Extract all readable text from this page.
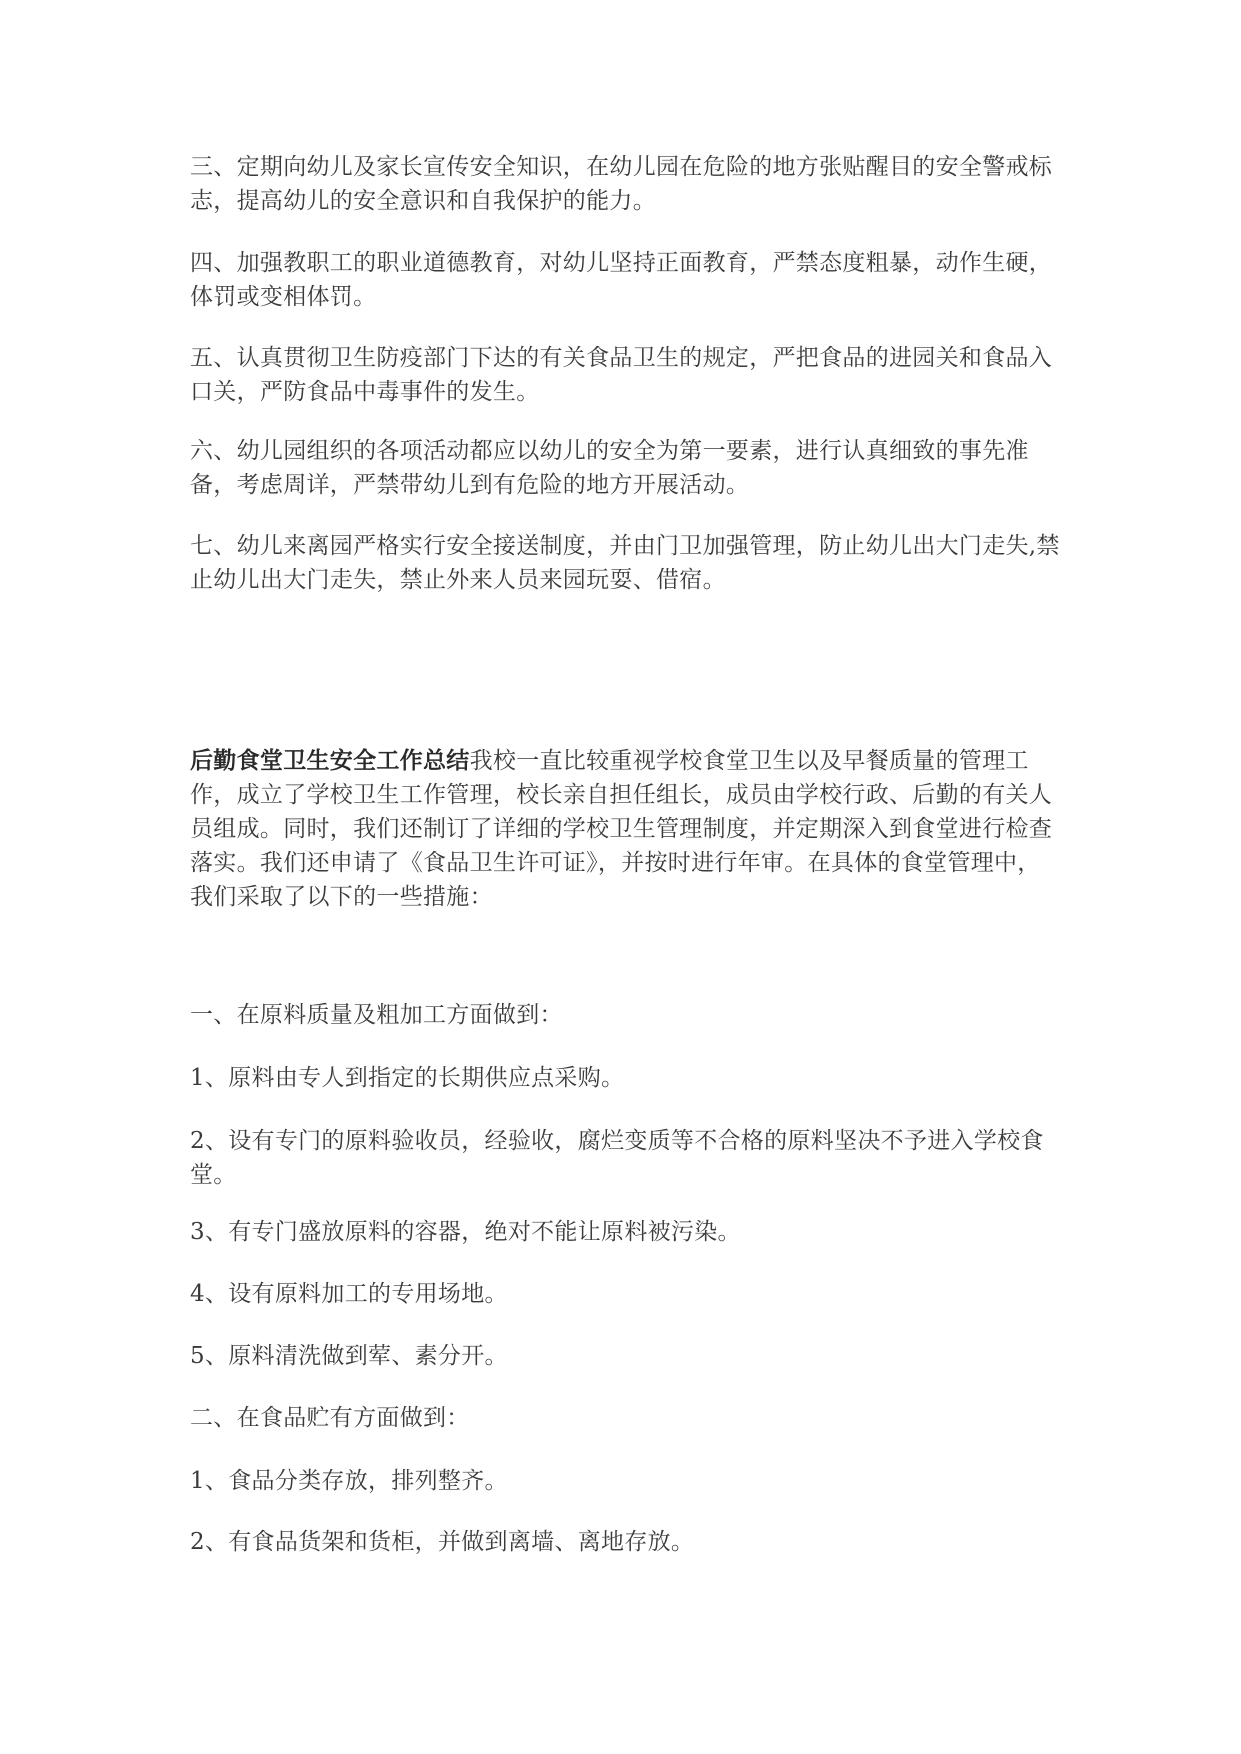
三、定期向幼儿及家长宣传安全知识，在幼儿园在危险的地方张贴醒目的安全警戒标志，提高幼儿的安全意识和自我保护的能力。

四、加强教职工的职业道德教育，对幼儿坚持正面教育，严禁态度粗暴，动作生硬，体罚或变相体罚。

五、认真贯彻卫生防疫部门下达的有关食品卫生的规定，严把食品的进园关和食品入口关，严防食品中毒事件的发生。

六、幼儿园组织的各项活动都应以幼儿的安全为第一要素，进行认真细致的事先准备，考虑周详，严禁带幼儿到有危险的地方开展活动。

七、幼儿来离园严格实行安全接送制度，并由门卫加强管理，防止幼儿出大门走失,禁止幼儿出大门走失，禁止外来人员来园玩耍、借宿。

后勤食堂卫生安全工作总结我校一直比较重视学校食堂卫生以及早餐质量的管理工作，成立了学校卫生工作管理，校长亲自担任组长，成员由学校行政、后勤的有关人员组成。同时，我们还制订了详细的学校卫生管理制度，并定期深入到食堂进行检查落实。我们还申请了《食品卫生许可证》，并按时进行年审。在具体的食堂管理中，我们采取了以下的一些措施：

一、在原料质量及粗加工方面做到：

1、原料由专人到指定的长期供应点采购。

2、设有专门的原料验收员，经验收，腐烂变质等不合格的原料坚决不予进入学校食堂。

3、有专门盛放原料的容器，绝对不能让原料被污染。

4、设有原料加工的专用场地。

5、原料清洗做到荤、素分开。

二、在食品贮有方面做到：

1、食品分类存放，排列整齐。

2、有食品货架和货柜，并做到离墙、离地存放。
